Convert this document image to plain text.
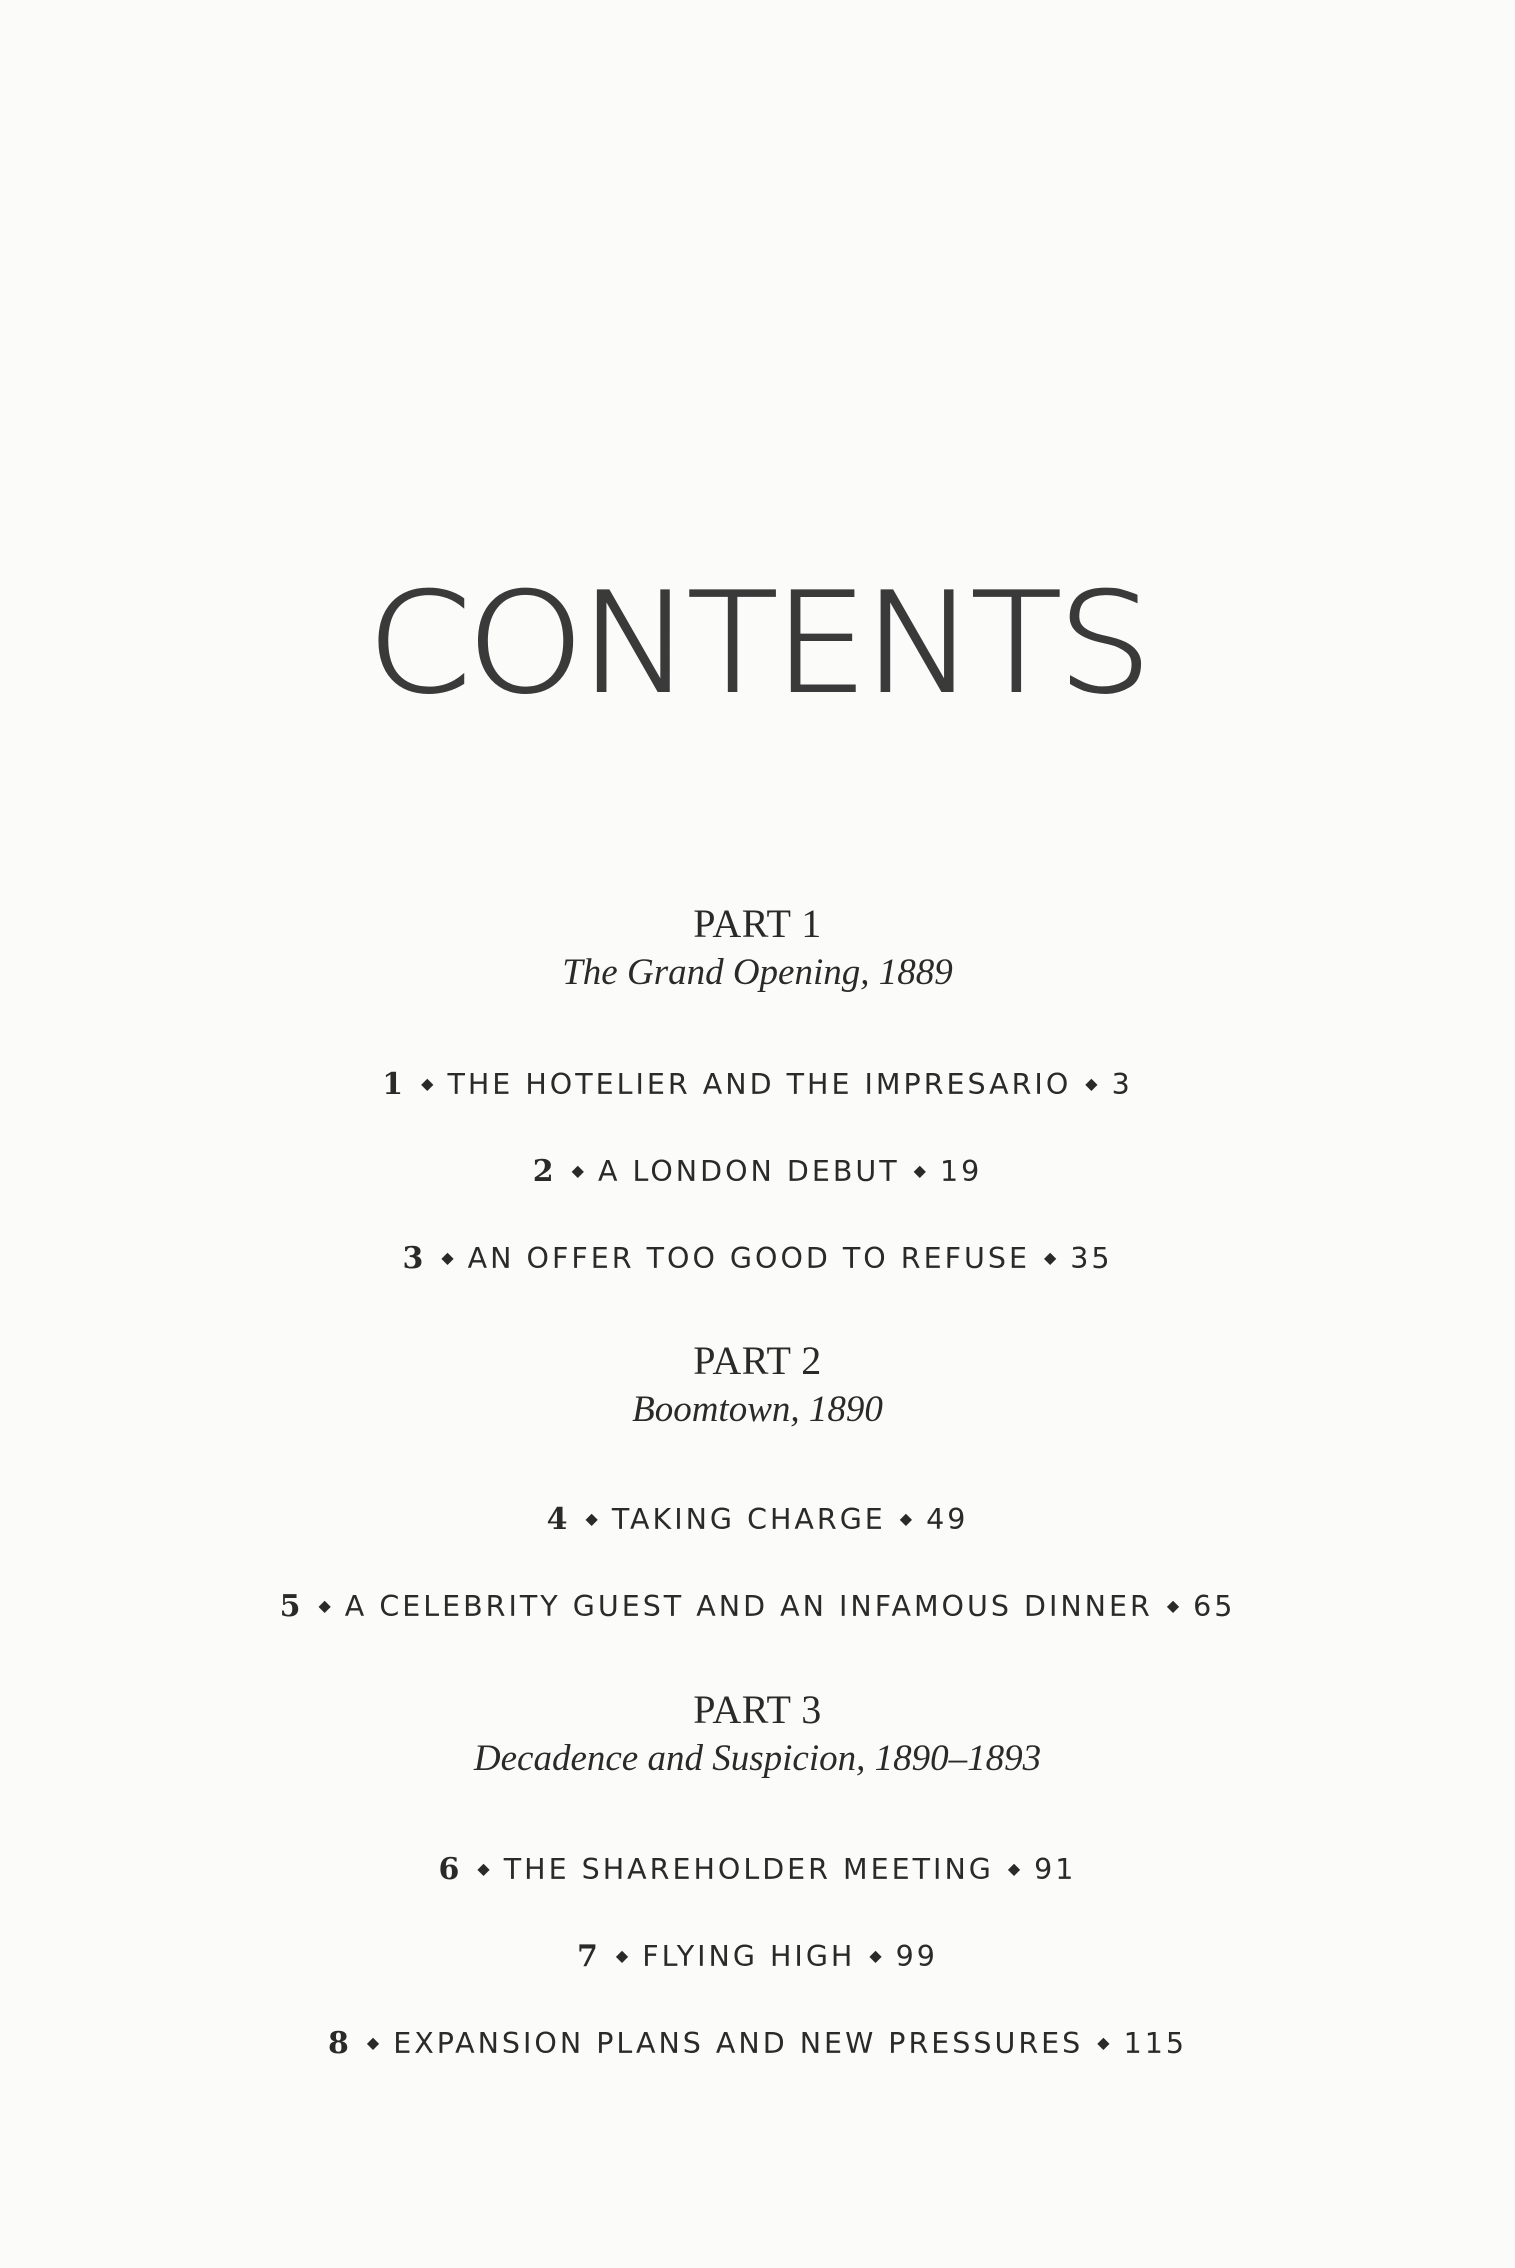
CONTENTS
PART 1
The Grand Opening, 1889
1 ◆ THE HOTELIER AND THE IMPRESARIO ◆ 3
2 ◆ A LONDON DEBUT ◆ 19
3 ◆ AN OFFER TOO GOOD TO REFUSE ◆ 35
PART 2
Boomtown, 1890
4 ◆ TAKING CHARGE ◆ 49
5 ◆ A CELEBRITY GUEST AND AN INFAMOUS DINNER ◆ 65
PART 3
Decadence and Suspicion, 1890–1893
6 ◆ THE SHAREHOLDER MEETING ◆ 91
7 ◆ FLYING HIGH ◆ 99
8 ◆ EXPANSION PLANS AND NEW PRESSURES ◆ 115
